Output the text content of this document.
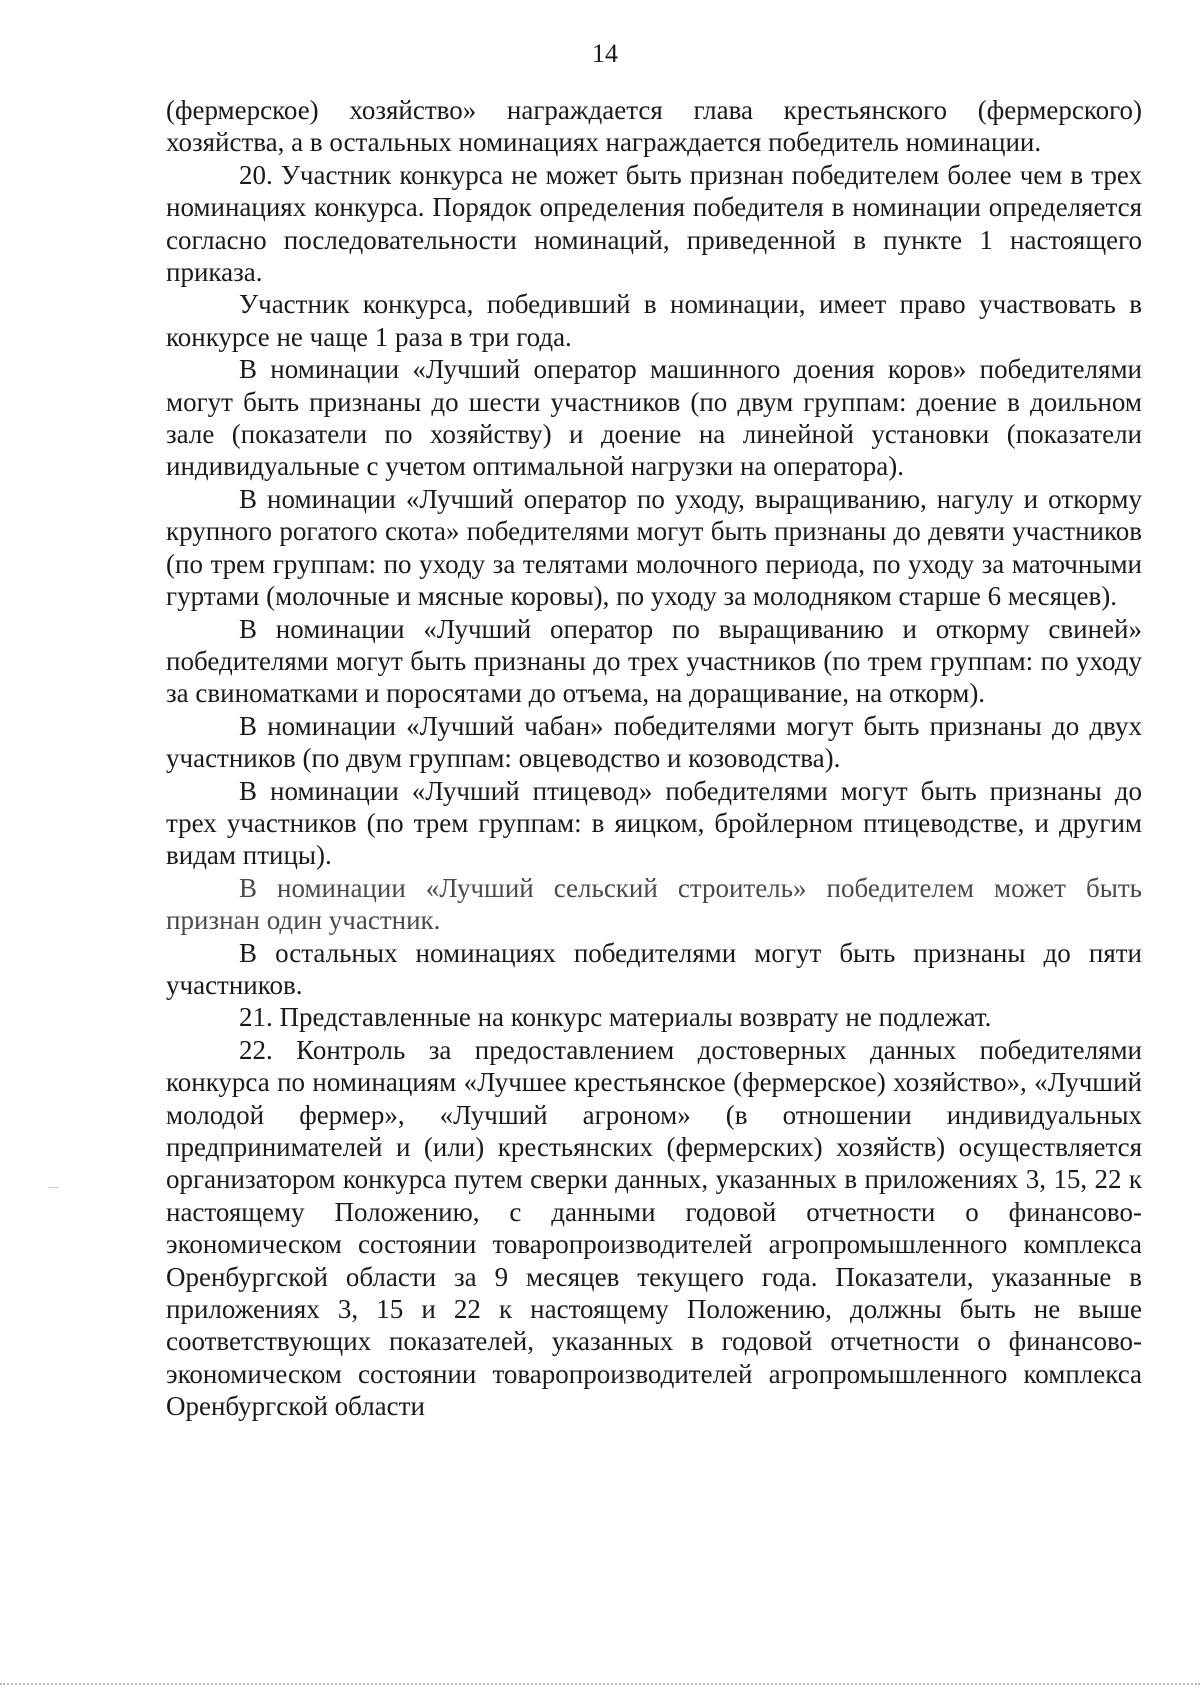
14

(фермерское) хозяйство» награждается глава крестьянского (фермерского) хозяйства, а в остальных номинациях награждается победитель номинации.

20. Участник конкурса не может быть признан победителем более чем в трех номинациях конкурса. Порядок определения победителя в номинации определяется согласно последовательности номинаций, приведенной в пункте 1 настоящего приказа.

Участник конкурса, победивший в номинации, имеет право участвовать в конкурсе не чаще 1 раза в три года.

В номинации «Лучший оператор машинного доения коров» победителями могут быть признаны до шести участников (по двум группам: доение в доильном зале (показатели по хозяйству) и доение на линейной установки (показатели индивидуальные с учетом оптимальной нагрузки на оператора).

В номинации «Лучший оператор по уходу, выращиванию, нагулу и откорму крупного рогатого скота» победителями могут быть признаны до девяти участников (по трем группам: по уходу за телятами молочного периода, по уходу за маточными гуртами (молочные и мясные коровы), по уходу за молодняком старше 6 месяцев).

В номинации «Лучший оператор по выращиванию и откорму свиней» победителями могут быть признаны до трех участников (по трем группам: по уходу за свиноматками и поросятами до отъема, на доращивание, на откорм).

В номинации «Лучший чабан» победителями могут быть признаны до двух участников (по двум группам: овцеводство и козоводства).

В номинации «Лучший птицевод» победителями могут быть признаны до трех участников (по трем группам: в яицком, бройлерном птицеводстве, и другим видам птицы).

В номинации «Лучший сельский строитель» победителем может быть признан один участник.

В остальных номинациях победителями могут быть признаны до пяти участников.

21. Представленные на конкурс материалы возврату не подлежат.

22. Контроль за предоставлением достоверных данных победителями конкурса по номинациям «Лучшее крестьянское (фермерское) хозяйство», «Лучший молодой фермер», «Лучший агроном» (в отношении индивидуальных предпринимателей и (или) крестьянских (фермерских) хозяйств) осуществляется организатором конкурса путем сверки данных, указанных в приложениях 3, 15, 22 к настоящему Положению, с данными годовой отчетности о финансово-экономическом состоянии товаропроизводителей агропромышленного комплекса Оренбургской области за 9 месяцев текущего года. Показатели, указанные в приложениях 3, 15 и 22 к настоящему Положению, должны быть не выше соответствующих показателей, указанных в годовой отчетности о финансово-экономическом состоянии товаропроизводителей агропромышленного комплекса Оренбургской области
